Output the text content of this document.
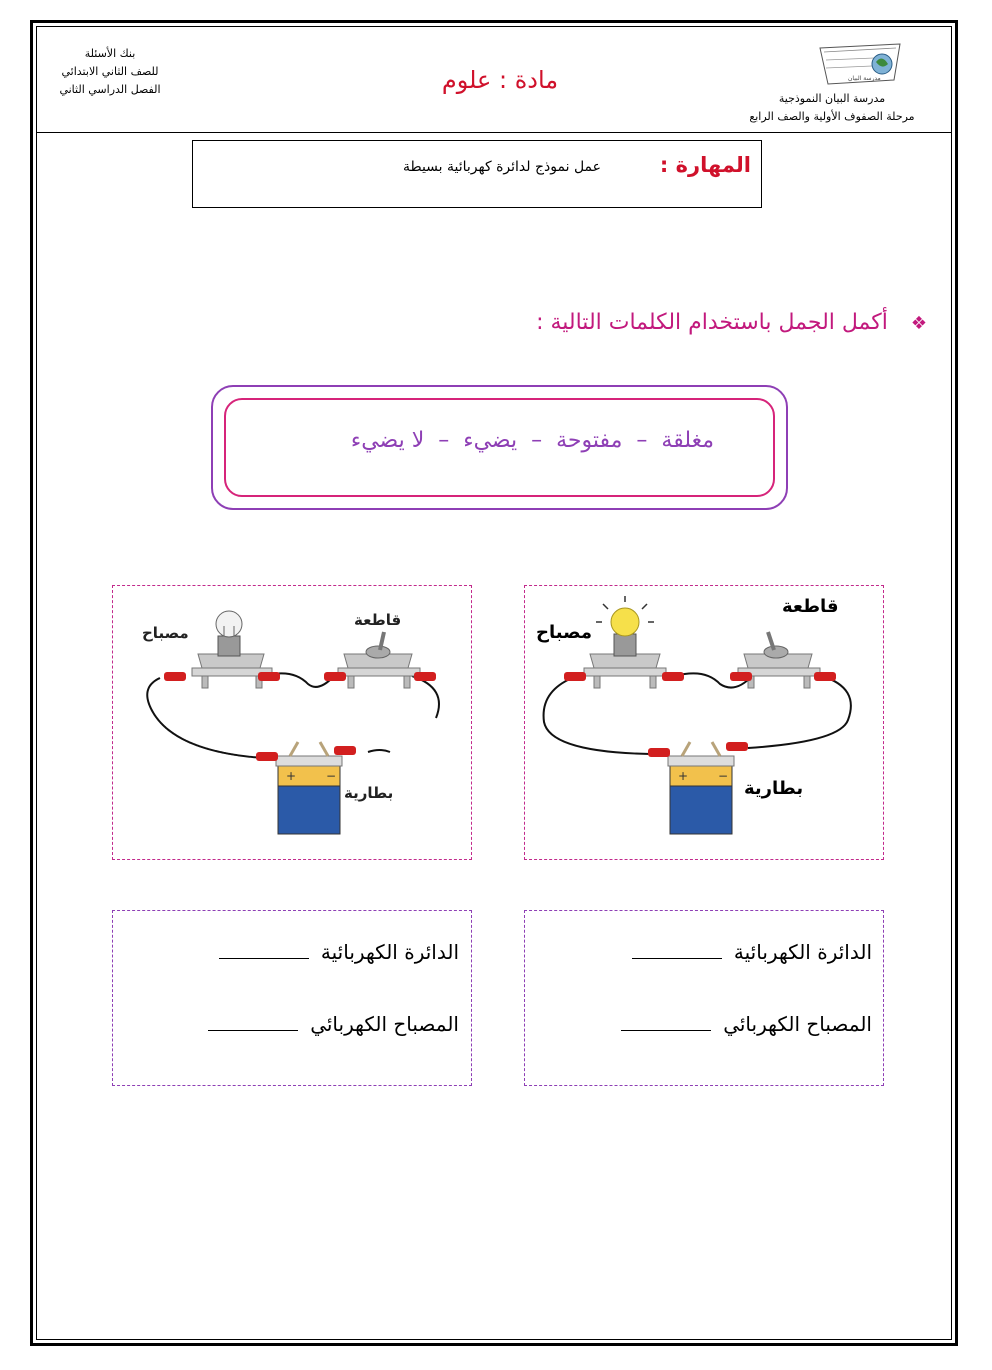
مدرسة البيان
مدرسة البيان النموذجية
مرحلة الصفوف الأولية والصف الرابع
مادة : علوم
بنك الأسئلة
للصف الثاني الابتدائي
الفصل الدراسي الثاني
المهارة :
عمل نموذج لدائرة كهربائية بسيطة
❖ أكمل الجمل باستخدام الكلمات التالية :
مغلقة  –  مفتوحة  –  يضيء  –  لا يضيء
+ −
قاطعة
مصباح
بطارية
+ −
قاطعة
مصباح
بطارية
الدائرة الكهربائية
المصباح الكهربائي
الدائرة الكهربائية
المصباح الكهربائي
